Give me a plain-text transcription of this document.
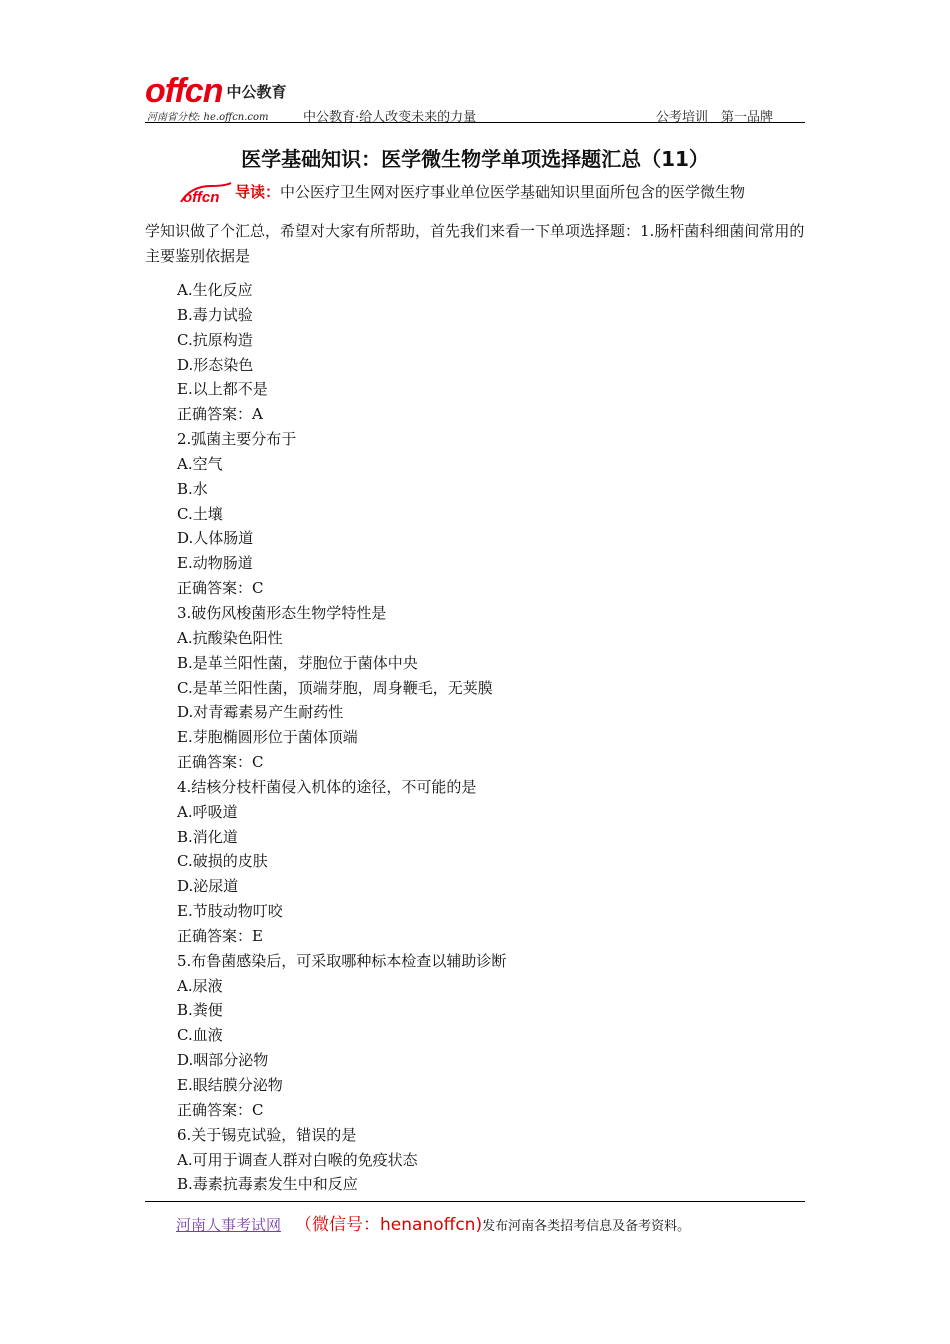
offcn 中公教育
河南省分校: he.offcn.com	中公教育·给人改变未来的力量	公考培训　第一品牌
医学基础知识：医学微生物学单项选择题汇总（11）
offcn 导读：中公医疗卫生网对医疗事业单位医学基础知识里面所包含的医学微生物
学知识做了个汇总，希望对大家有所帮助，首先我们来看一下单项选择题：1.肠杆菌科细菌间常用的主要鉴别依据是
A.生化反应
B.毒力试验
C.抗原构造
D.形态染色
E.以上都不是
正确答案：A
2.弧菌主要分布于
A.空气
B.水
C.土壤
D.人体肠道
E.动物肠道
正确答案：C
3.破伤风梭菌形态生物学特性是
A.抗酸染色阳性
B.是革兰阳性菌，芽胞位于菌体中央
C.是革兰阳性菌，顶端芽胞，周身鞭毛，无荚膜
D.对青霉素易产生耐药性
E.芽胞椭圆形位于菌体顶端
正确答案：C
4.结核分枝杆菌侵入机体的途径，不可能的是
A.呼吸道
B.消化道
C.破损的皮肤
D.泌尿道
E.节肢动物叮咬
正确答案：E
5.布鲁菌感染后，可采取哪种标本检查以辅助诊断
A.尿液
B.粪便
C.血液
D.咽部分泌物
E.眼结膜分泌物
正确答案：C
6.关于锡克试验，错误的是
A.可用于调查人群对白喉的免疫状态
B.毒素抗毒素发生中和反应
河南人事考试网 （微信号：henanoffcn)发布河南各类招考信息及备考资料。
